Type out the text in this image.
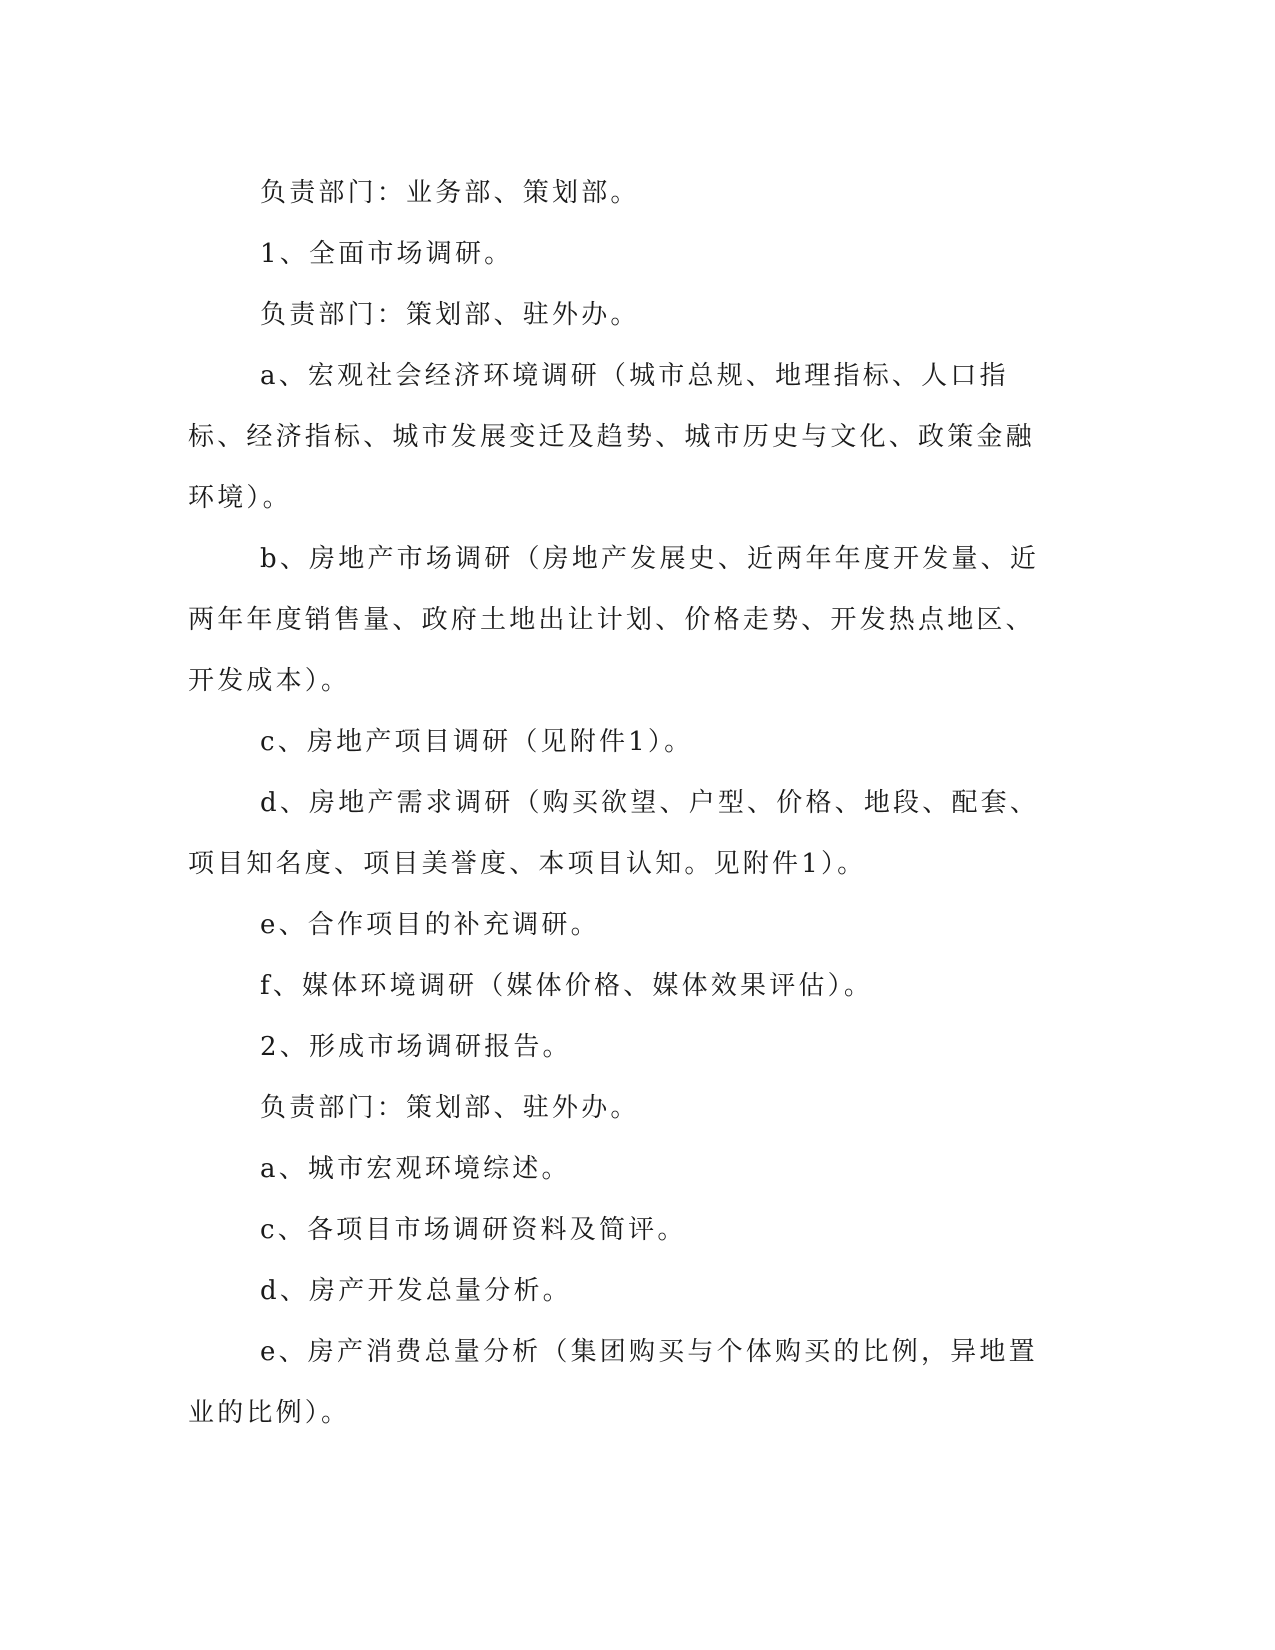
负责部门：业务部、策划部。

1、全面市场调研。

负责部门：策划部、驻外办。

a、宏观社会经济环境调研（城市总规、地理指标、人口指标、经济指标、城市发展变迁及趋势、城市历史与文化、政策金融环境）。

b、房地产市场调研（房地产发展史、近两年年度开发量、近两年年度销售量、政府土地出让计划、价格走势、开发热点地区、开发成本）。

c、房地产项目调研（见附件1）。

d、房地产需求调研（购买欲望、户型、价格、地段、配套、项目知名度、项目美誉度、本项目认知。见附件1）。

e、合作项目的补充调研。

f、媒体环境调研（媒体价格、媒体效果评估）。

2、形成市场调研报告。

负责部门：策划部、驻外办。

a、城市宏观环境综述。

c、各项目市场调研资料及简评。

d、房产开发总量分析。

e、房产消费总量分析（集团购买与个体购买的比例，异地置业的比例）。
